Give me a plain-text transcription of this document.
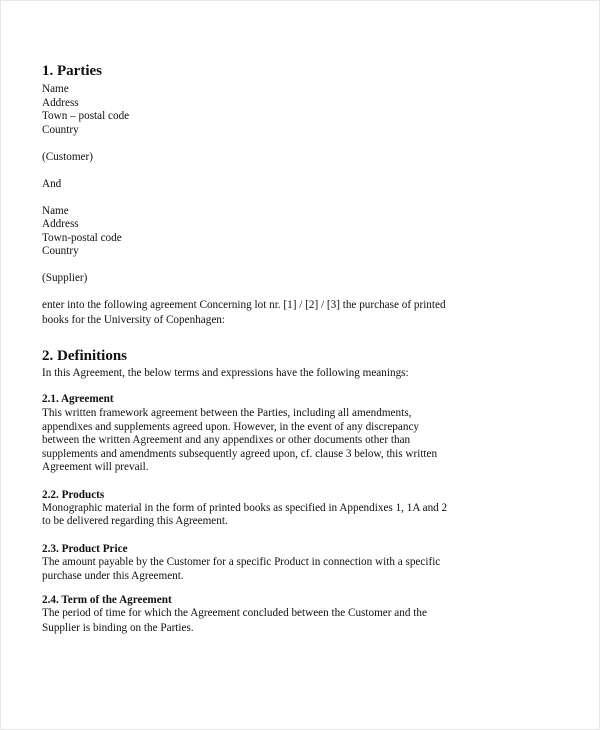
1. Parties
Name
Address
Town – postal code
Country
(Customer)
And
Name
Address
Town-postal code
Country
(Supplier)
enter into the following agreement Concerning lot nr. [1] / [2] / [3] the purchase of printed
books for the University of Copenhagen:
2. Definitions
In this Agreement, the below terms and expressions have the following meanings:
2.1. Agreement
This written framework agreement between the Parties, including all amendments,
appendixes and supplements agreed upon. However, in the event of any discrepancy
between the written Agreement and any appendixes or other documents other than
supplements and amendments subsequently agreed upon, cf. clause 3 below, this written
Agreement will prevail.
2.2. Products
Monographic material in the form of printed books as specified in Appendixes 1, 1A and 2
to be delivered regarding this Agreement.
2.3. Product Price
The amount payable by the Customer for a specific Product in connection with a specific
purchase under this Agreement.
2.4. Term of the Agreement
The period of time for which the Agreement concluded between the Customer and the
Supplier is binding on the Parties.
